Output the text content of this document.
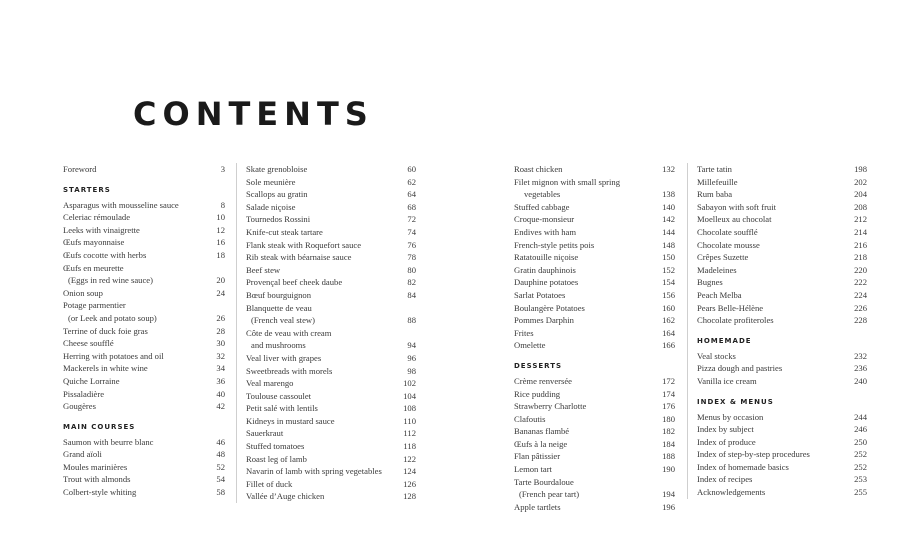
CONTENTS
Foreword	3
STARTERS
Asparagus with mousseline sauce	8
Celeriac rémoulade	10
Leeks with vinaigrette	12
Œufs mayonnaise	16
Œufs cocotte with herbs	18
Œufs en meurette
(Eggs in red wine sauce)	20
Onion soup	24
Potage parmentier
(or Leek and potato soup)	26
Terrine of duck foie gras	28
Cheese soufflé	30
Herring with potatoes and oil	32
Mackerels in white wine	34
Quiche Lorraine	36
Pissaladière	40
Gougères	42
MAIN COURSES
Saumon with beurre blanc	46
Grand aïoli	48
Moules marinières	52
Trout with almonds	54
Colbert-style whiting	58
Skate grenobloise	60
Sole meunière	62
Scallops au gratin	64
Salade niçoise	68
Tournedos Rossini	72
Knife-cut steak tartare	74
Flank steak with Roquefort sauce	76
Rib steak with béarnaise sauce	78
Beef stew	80
Provençal beef cheek daube	82
Bœuf bourguignon	84
Blanquette de veau
(French veal stew)	88
Côte de veau with cream
and mushrooms	94
Veal liver with grapes	96
Sweetbreads with morels	98
Veal marengo	102
Toulouse cassoulet	104
Petit salé with lentils	108
Kidneys in mustard sauce	110
Sauerkraut	112
Stuffed tomatoes	118
Roast leg of lamb	122
Navarin of lamb with spring vegetables	124
Fillet of duck	126
Vallée d’Auge chicken	128
Roast chicken	132
Filet mignon with small spring
vegetables	138
Stuffed cabbage	140
Croque-monsieur	142
Endives with ham	144
French-style petits pois	148
Ratatouille niçoise	150
Gratin dauphinois	152
Dauphine potatoes	154
Sarlat Potatoes	156
Boulangère Potatoes	160
Pommes Darphin	162
Frites	164
Omelette	166
DESSERTS
Crème renversée	172
Rice pudding	174
Strawberry Charlotte	176
Clafoutis	180
Bananas flambé	182
Œufs à la neige	184
Flan pâtissier	188
Lemon tart	190
Tarte Bourdaloue
(French pear tart)	194
Apple tartlets	196
Tarte tatin	198
Millefeuille	202
Rum baba	204
Sabayon with soft fruit	208
Moelleux au chocolat	212
Chocolate soufflé	214
Chocolate mousse	216
Crêpes Suzette	218
Madeleines	220
Bugnes	222
Peach Melba	224
Pears Belle-Hélène	226
Chocolate profiteroles	228
HOMEMADE
Veal stocks	232
Pizza dough and pastries	236
Vanilla ice cream	240
INDEX & MENUS
Menus by occasion	244
Index by subject	246
Index of produce	250
Index of step-by-step procedures	252
Index of homemade basics	252
Index of recipes	253
Acknowledgements	255
